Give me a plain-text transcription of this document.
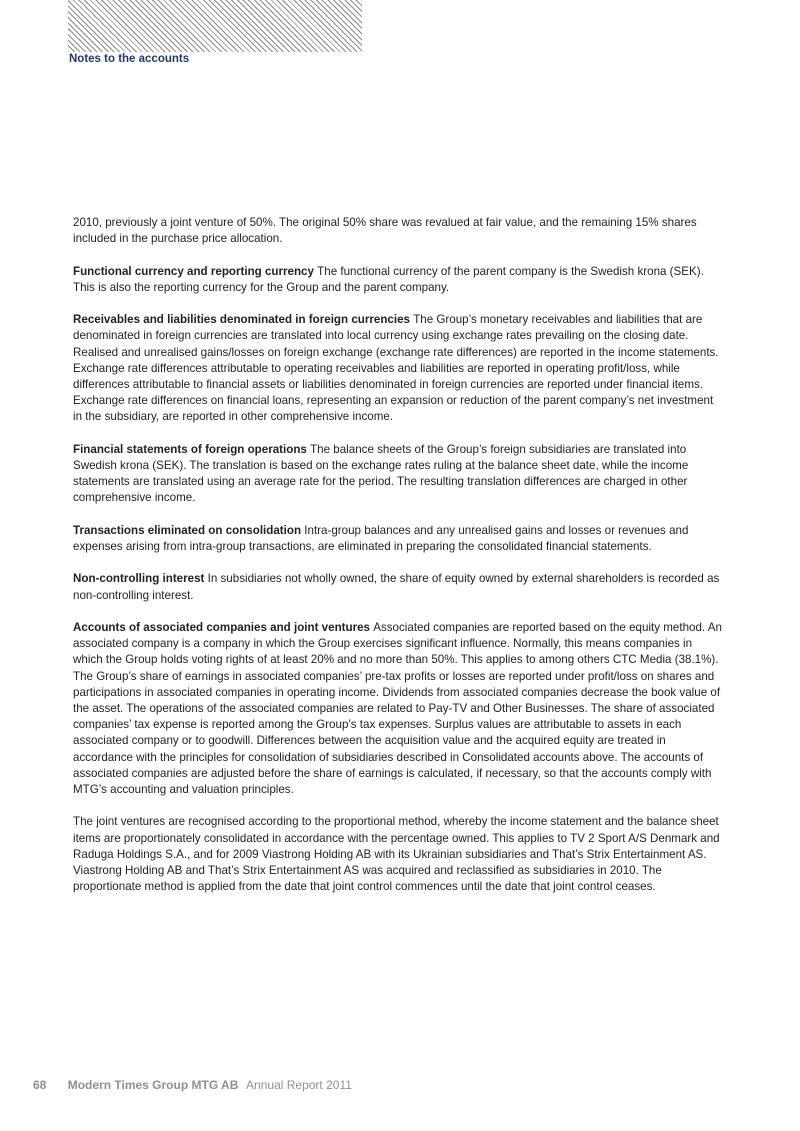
Notes to the accounts

2010, previously a joint venture of 50%. The original 50% share was revalued at fair value, and the remaining 15% shares included in the purchase price allocation.

Functional currency and reporting currency The functional currency of the parent company is the Swedish krona (SEK). This is also the reporting currency for the Group and the parent company.

Receivables and liabilities denominated in foreign currencies The Group’s monetary receivables and liabilities that are denominated in foreign currencies are translated into local currency using exchange rates prevailing on the closing date. Realised and unrealised gains/losses on foreign exchange (exchange rate differences) are reported in the income statements. Exchange rate differences attributable to operating receivables and liabilities are reported in operating profit/loss, while differences attributable to financial assets or liabilities denominated in foreign currencies are reported under financial items. Exchange rate differences on financial loans, representing an expansion or reduction of the parent company’s net investment in the subsidiary, are reported in other comprehensive income.

Financial statements of foreign operations The balance sheets of the Group’s foreign subsidiaries are translated into Swedish krona (SEK). The translation is based on the exchange rates ruling at the balance sheet date, while the income statements are translated using an average rate for the period. The resulting translation differences are charged in other comprehensive income.

Transactions eliminated on consolidation Intra-group balances and any unrealised gains and losses or revenues and expenses arising from intra-group transactions, are eliminated in preparing the consolidated financial statements.

Non-controlling interest In subsidiaries not wholly owned, the share of equity owned by external shareholders is recorded as non-controlling interest.

Accounts of associated companies and joint ventures Associated companies are reported based on the equity method. An associated company is a company in which the Group exercises significant influence. Normally, this means companies in which the Group holds voting rights of at least 20% and no more than 50%. This applies to among others CTC Media (38.1%). The Group’s share of earnings in associated companies’ pre-tax profits or losses are reported under profit/loss on shares and participations in associated companies in operating income. Dividends from associated companies decrease the book value of the asset. The operations of the associated companies are related to Pay-TV and Other Businesses. The share of associated companies’ tax expense is reported among the Group’s tax expenses. Surplus values are attributable to assets in each associated company or to goodwill. Differences between the acquisition value and the acquired equity are treated in accordance with the principles for consolidation of subsidiaries described in Consolidated accounts above. The accounts of associated companies are adjusted before the share of earnings is calculated, if necessary, so that the accounts comply with MTG’s accounting and valuation principles.

The joint ventures are recognised according to the proportional method, whereby the income statement and the balance sheet items are proportionately consolidated in accordance with the percentage owned. This applies to TV 2 Sport A/S Denmark and Raduga Holdings S.A., and for 2009 Viastrong Holding AB with its Ukrainian subsidiaries and That’s Strix Entertainment AS. Viastrong Holding AB and That’s Strix Entertainment AS was acquired and reclassified as subsidiaries in 2010. The proportionate method is applied from the date that joint control commences until the date that joint control ceases.

68 Modern Times Group MTG AB Annual Report 2011
